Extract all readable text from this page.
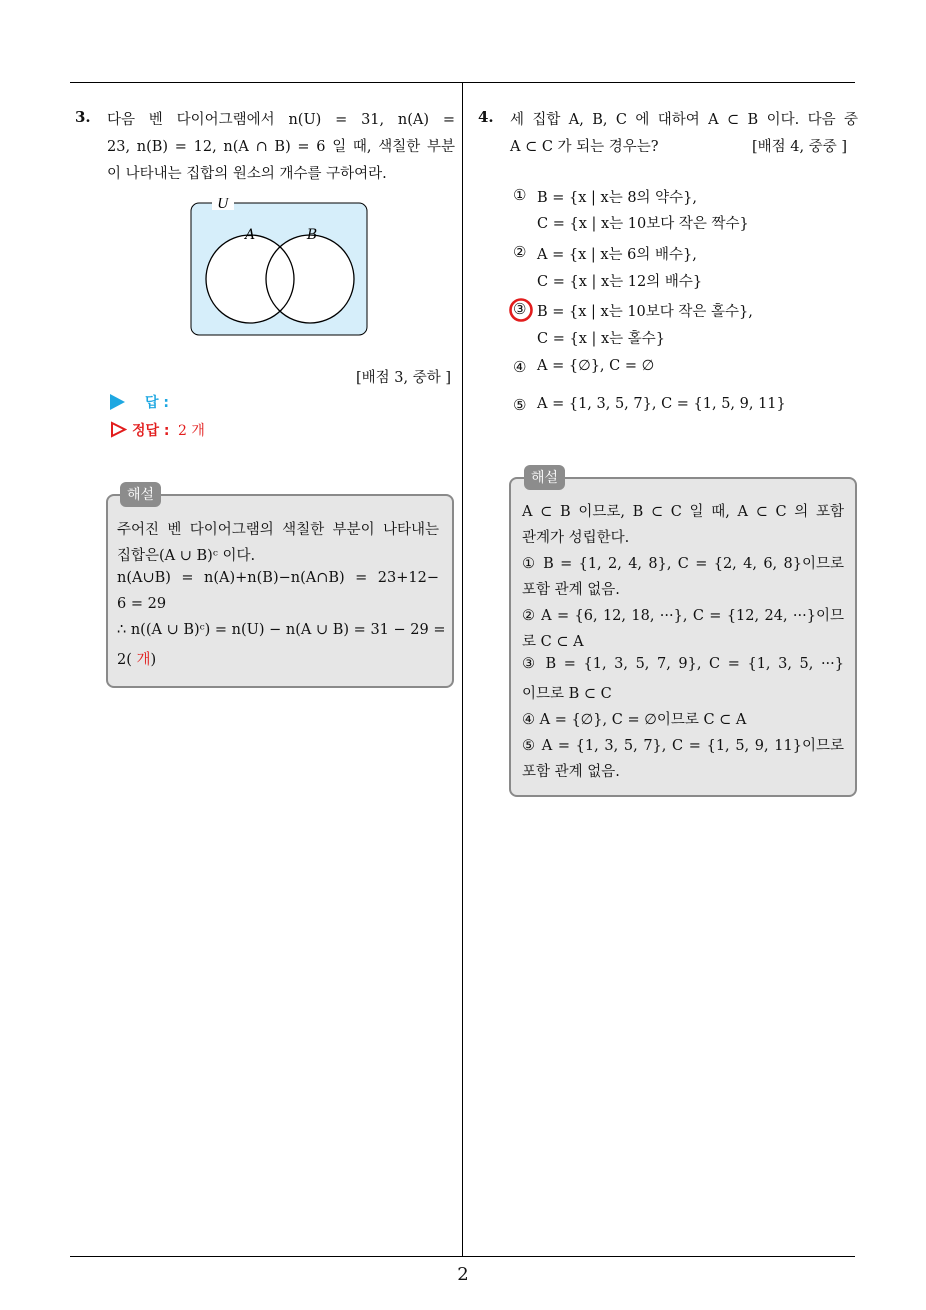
2
3. 다음 벤 다이어그램에서 n(U) = 31, n(A) =
23, n(B) = 12, n(A ∩ B) = 6 일 때, 색칠한 부분
이 나타내는 집합의 원소의 개수를 구하여라.
U
A	B
[배점 3, 중하 ]
답 :
정답 : 2 개
해설
주어진 벤 다이어그램의 색칠한 부분이 나타내는
집합은(A ∪ B)ᶜ 이다.
n(A∪B) = n(A)+n(B)−n(A∩B) = 23+12−
6 = 29
∴ n((A ∪ B)ᶜ) = n(U) − n(A ∪ B) = 31 − 29 =
2( 개)
4. 세 집합 A, B, C 에 대하여 A ⊂ B 이다. 다음 중
A ⊂ C 가 되는 경우는?	[배점 4, 중중 ]
① B = {x | x는 8의 약수},
C = {x | x는 10보다 작은 짝수}
② A = {x | x는 6의 배수},
C = {x | x는 12의 배수}
③ B = {x | x는 10보다 작은 홀수},
C = {x | x는 홀수}
④ A = {∅}, C = ∅
⑤ A = {1, 3, 5, 7}, C = {1, 5, 9, 11}
해설
A ⊂ B 이므로, B ⊂ C 일 때, A ⊂ C 의 포함
관계가 성립한다.
① B = {1, 2, 4, 8}, C = {2, 4, 6, 8}이므로
포함 관계 없음.
② A = {6, 12, 18, ···}, C = {12, 24, ···}이므
로 C ⊂ A
③ B = {1, 3, 5, 7, 9}, C = {1, 3, 5, ···}
이므로 B ⊂ C
④ A = {∅}, C = ∅이므로 C ⊂ A
⑤ A = {1, 3, 5, 7}, C = {1, 5, 9, 11}이므로
포함 관계 없음.
